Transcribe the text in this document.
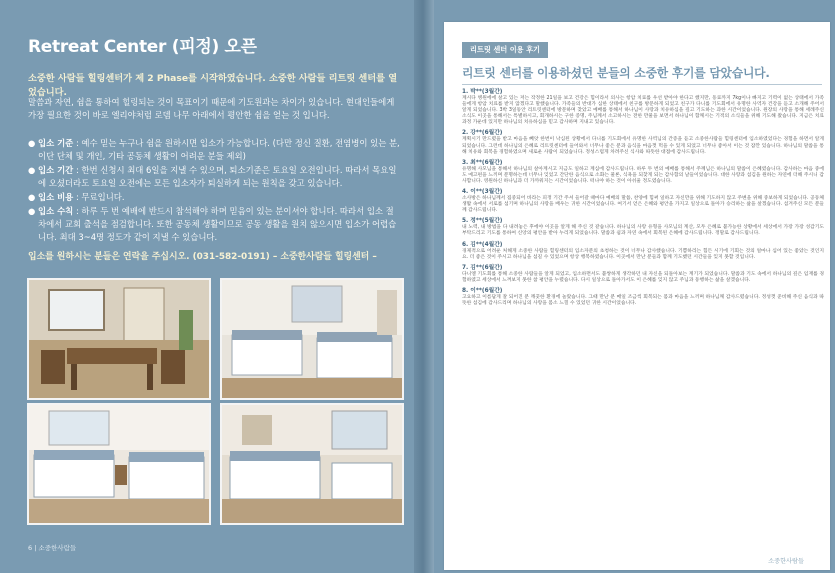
Retreat Center (피정) 오픈
소중한 사람들 힐링센터가 제 2 Phase를 시작하였습니다. 소중한 사람들 리트릿 센터를 열었습니다.
말씀과 자연, 쉼을 통하여 힐링되는 것이 목표이기 때문에 기도원과는 차이가 있습니다. 현대인들에게 가장 필요한 것이 바로 엘리야처럼 로뎀 나무 아래에서 평안한 쉼을 얻는 것 입니다.
● 입소 기준 : 예수 믿는 누구나 쉼을 원하시면 입소가 가능합니다. (다만 정신 질환, 전염병이 있는 분, 이단 단체 및 개인, 기타 공동체 생활이 어려운 분들 제외)
● 입소 기간 : 한번 신청시 최대 6일을 지낼 수 있으며, 퇴소기준은 토요일 오전입니다. 따라서 목요일에 오셨더라도 토요일 오전에는 모든 입소자가 퇴실하게 되는 원칙을 갖고 있습니다.
● 입소 비용 : 무료입니다.
● 입소 수칙 : 하루 두 번 예배에 반드시 참석해야 하며 믿음이 있는 분이셔야 합니다. 따라서 입소 절차에서 교회 출석을 점검합니다. 또한 공동체 생활이므로 공동 생활을 원치 않으시면 입소가 어렵습니다. 최대 3~4명 정도가 같이 지낼 수 있습니다.
입소를 원하시는 분들은 연락을 주십시오. (031-582-0191) – 소중한사람들 힐링센터 –
6 | 소중한사람들
리트릿 센터 이용 후기
리트릿 센터를 이용하셨던 분들의 소중한 후기를 담았습니다.
1. 박**(3월간)
계시다 병원에에 살고 있는 저는 작정한 21일을 보고 건강은 힘이라서 의사는 항암 치료를 우선 받아야 한다고 했지만, 동료까지 7kg이나 빠지고 기력이 없는 상태에서 가족들에게 항암 치료를 받지 않겠다고 말했습니다. 가족들의 반대가 심한 상태에서 친구를 방문하게 되었고 친구가 다니를 기도회에서 유명한 사역자 건강을 듣고 소개해 주어서 알게 되었습니다. 3박 3일동안 리트릿센터에 방문하며 찾았고 예배를 통해서 하나님이 사랑과 치유하심을 깊고 기도하는 과한 시간이었습니다. 원장의 사랑을 통해 세례주신 소식도 이곳을 통해서는 특별하시고, 회개하시는 구한 증명, 주님께서 소고하시는 전한 만물을 보면서 하나님이 함께시는 기적의 소식들을 위해 기도해 왔습니다. 지금은 치료 과정 가운데 있지만 하나님의 치유하심을 믿고 감사하며 지내고 있습니다.
2. 강**(6월간)
계획시기 만드렸을 받고 마음을 빼앗 한번이 낙심된 상황에서 다니를 기도회에서 유명한 사역님의 간증을 듣고 소중한사람들 힐링센터에 입소하였었다는 경험을 하면서 알게 되었습니다. 그런데 하나님의 은혜로 리트릿센터에 들어와서 너무나 좋은 분과 음식을 마음껏 먹을 수 있게 되었고 너무나 좋아서 이는 것 잠깐 있습니다. 하나님의 말씀을 통해 치유와 회복을 경험하였으며 새로운 사람이 되었습니다. 정성스럽게 차려주신 식사와 따뜻한 대접에 감사드립니다.
3. 최**(6월간)
유명해 사모님을 통해서 하나님의 살아계시고 지금도 일하고 계심에 감사드립니다. 하루 두 번의 예배를 통해서 주께님은 하나님의 말씀이 은혜였습니다. 감사하는 마음 중에도 예고편을 느끼며 분명하는데 너무나 잊었고 간단한 음식으로 소화는 물론, 식욕을 되찾게 되는 감사함의 날들이었습니다. 대한 사랑과 섬김을 원하는 자연에 더해 주시니 감사합니다. 영원하신 하나님과 더 가까워지는 시간이었습니다. 떠나야 하는 것이 아쉬울 정도였습니다.
4. 이**(3월간)
소사방은 하나님께서 집중되어 바라는 피정 기간 주셔 들어갈 때마다 예배의 말씀, 찬양에 힘써 일하고 자신만을 위해 기도하지 않고 주변을 위해 중보하게 되었습니다. 공동체 생활 속에서 서로를 섬기며 하나님의 사랑을 배우는 귀한 시간이었습니다. 여기서 얻은 은혜와 평안을 가지고 일상으로 돌아가 승리하는 삶을 살겠습니다. 섬겨주신 모든 분들께 감사드립니다.
5. 정**(5월간)
내 노력, 내 방법을 다 내려놓은 후에야 이곳을 알게 해 주신 것 같습니다. 하나님의 사랑 유형을 사모님의 계산, 모두 은혜로 불가능한 상황에서 세상에서 가장 가장 성감기도 부탁드리고 기도를 통하여 신앙의 평안을 받아 누리게 되었습니다. 말씀과 쉼과 자연 속에서 회복된 은혜에 감사드립니다. 정말로 감사드립니다.
6. 김**(4월간)
경제적으로 어려운 처해게 소중한 사람들 힐링센터의 입소자분의 초청하는 것이 너무나 감사했습니다. 기쁨하리는 힘든 시기에 기회는 것의 얼마나 심어 있는 좋았는 것인지요. 더 좋은 것이 주시고 하나님을 섬길 수 있었으며 항상 행복하였습니다. 이곳에서 만난 분들과 함께 기도했던 시간들을 잊지 못할 것입니다.
7. 김**(6월간)
다니엘 기도회를 통해 소중한 사람들을 알게 되었고, 입소하면서도 불쌍하게 생각하던 내 자신을 되돌아보는 계기가 되었습니다. 말씀과 기도 속에서 하나님의 깊은 임재를 경험하였고 세상에서 느껴보지 못한 참 평안을 누렸습니다. 다시 일상으로 돌아가서도 이 은혜를 잊지 않고 주님과 동행하는 삶을 살겠습니다.
8. 이**(6월간)
고요하고 이름답게 잘 되어진 분 깨끗한 환경에 놀랐습니다. 그때 만난 분 매일 조금씩 회복되는 몸과 마음을 느끼며 하나님께 감사드렸습니다. 정성껏 준비해 주신 음식과 따뜻한 섬김에 감사드리며 하나님의 사랑을 몸소 느낄 수 있었던 귀한 시간이었습니다.
소중한사람들
